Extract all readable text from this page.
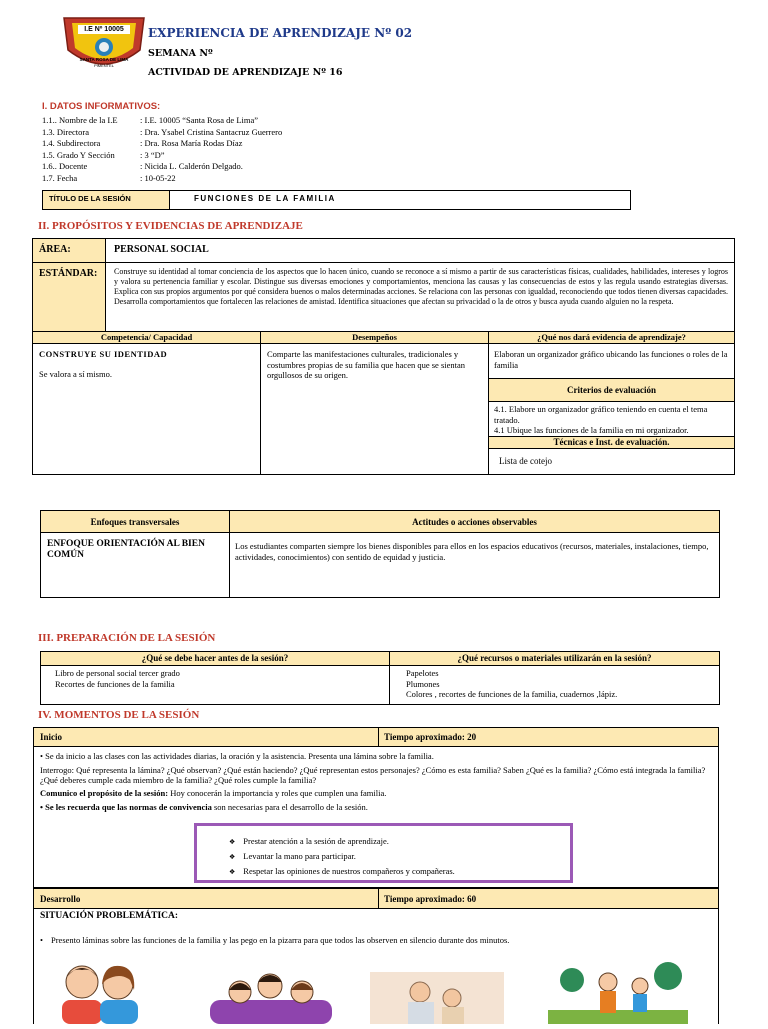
I.E Nº 10005
SANTA ROSA DE LIMA
PIMENTEL
EXPERIENCIA DE APRENDIZAJE Nº 02
SEMANA Nº
ACTIVIDAD DE APRENDIZAJE Nº 16
I. DATOS INFORMATIVOS:
1.1.. Nombre de la I.E	: I.E. 10005 “Santa Rosa de Lima”
1.3. Directora	: Dra. Ysabel Cristina Santacruz Guerrero
1.4. Subdirectora	: Dra. Rosa María Rodas Díaz
1.5. Grado Y Sección	: 3 “D”
1.6.. Docente	: Nicida L. Calderón Delgado.
1.7. Fecha	: 10-05-22
TÍTULO DE LA SESIÓN	FUNCIONES DE LA FAMILIA
II. PROPÓSITOS Y EVIDENCIAS DE APRENDIZAJE
ÁREA:	PERSONAL SOCIAL
ESTÁNDAR:	Construye su identidad al tomar conciencia de los aspectos que lo hacen único, cuando se reconoce a sí mismo a partir de sus características físicas, cualidades, habilidades, intereses y logros y valora su pertenencia familiar y escolar. Distingue sus diversas emociones y comportamientos, menciona las causas y las consecuencias de estos y las regula usando estrategias diversas. Explica con sus propios argumentos por qué considera buenos o malos determinadas acciones. Se relaciona con las personas con igualdad, reconociendo que todos tienen diversas capacidades. Desarrolla comportamientos que fortalecen las relaciones de amistad. Identifica situaciones que afectan su privacidad o la de otros y busca ayuda cuando alguien no la respeta.
Competencia/ Capacidad	Desempeños	¿Qué nos dará evidencia de aprendizaje?
CONSTRUYE SU IDENTIDAD
Se valora a sí mismo.
Comparte las manifestaciones culturales, tradicionales y costumbres propias de su familia que hacen que se sientan orgullosos de su origen.
Elaboran un organizador gráfico ubicando las funciones o roles de la familia
Criterios de evaluación
4.1. Elabore un organizador gráfico teniendo en cuenta el tema tratado.
4.1 Ubique las funciones de la familia en mi organizador.
Técnicas e Inst. de evaluación.
Lista de cotejo
Enfoques transversales	Actitudes o acciones observables
ENFOQUE ORIENTACIÓN AL BIEN COMÚN
Los estudiantes comparten siempre los bienes disponibles para ellos en los espacios educativos (recursos, materiales, instalaciones, tiempo, actividades, conocimientos) con sentido de equidad y justicia.
III. PREPARACIÓN DE LA SESIÓN
¿Qué se debe hacer antes de la sesión?	¿Qué recursos o materiales utilizarán en la sesión?
Libro de personal social tercer grado
Recortes de funciones de la familia
Papelotes
Plumones
Colores , recortes de funciones de la familia, cuadernos ,lápiz.
IV. MOMENTOS DE LA SESIÓN
Inicio	Tiempo aproximado: 20
• Se da inicio a las clases con las actividades diarias, la oración y la asistencia. Presenta una lámina sobre la familia.
Interrogo: Qué representa la lámina? ¿Qué observan? ¿Qué están haciendo? ¿Qué representan estos personajes? ¿Cómo es esta familia? Saben ¿Qué es la familia? ¿Cómo está integrada la familia? ¿Qué deberes cumple cada miembro de la familia? ¿Qué roles cumple la familia?
Comunico el propósito de la sesión: Hoy conocerán la importancia y roles que cumplen una familia.
• Se les recuerda que las normas de convivencia son necesarias para el desarrollo de la sesión.
❖ Prestar atención a la sesión de aprendizaje.
❖ Levantar la mano para participar.
❖ Respetar las opiniones de nuestros compañeros y compañeras.
Desarrollo	Tiempo aproximado: 60
SITUACIÓN PROBLEMÁTICA:
• Presento láminas sobre las funciones de la familia y las pego en la pizarra para que todos las observen en silencio durante dos minutos.
